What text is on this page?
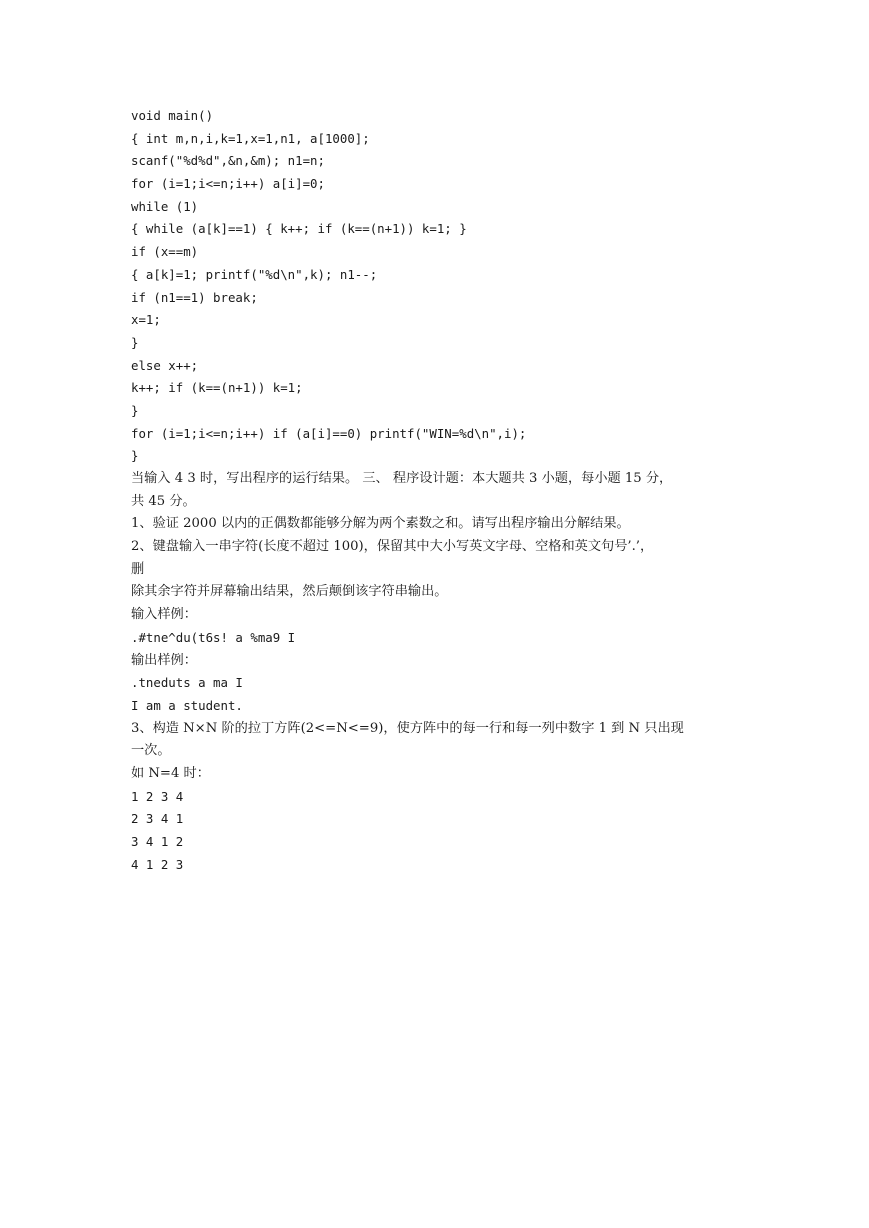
void main()
{ int m,n,i,k=1,x=1,n1, a[1000];
scanf("%d%d",&n,&m); n1=n;
for (i=1;i<=n;i++) a[i]=0;
while (1)
{ while (a[k]==1) { k++; if (k==(n+1)) k=1; }
if (x==m)
{ a[k]=1; printf("%d\n",k); n1--;
if (n1==1) break;
x=1;
}
else x++;
k++; if (k==(n+1)) k=1;
}
for (i=1;i<=n;i++) if (a[i]==0) printf("WIN=%d\n",i);
}
当输入 4 3 时，写出程序的运行结果。 三、 程序设计题：本大题共 3 小题，每小题 15 分，
共 45 分。
1、验证 2000 以内的正偶数都能够分解为两个素数之和。请写出程序输出分解结果。
2、键盘输入一串字符(长度不超过 100)，保留其中大小写英文字母、空格和英文句号’.’，
删
除其余字符并屏幕输出结果，然后颠倒该字符串输出。
输入样例：
.#tne^du(t6s! a %ma9 I
输出样例：
.tneduts a ma I
I am a student.
3、构造 N×N 阶的拉丁方阵(2<=N<=9)，使方阵中的每一行和每一列中数字 1 到 N 只出现
一次。
如 N=4 时：
1 2 3 4
2 3 4 1
3 4 1 2
4 1 2 3
